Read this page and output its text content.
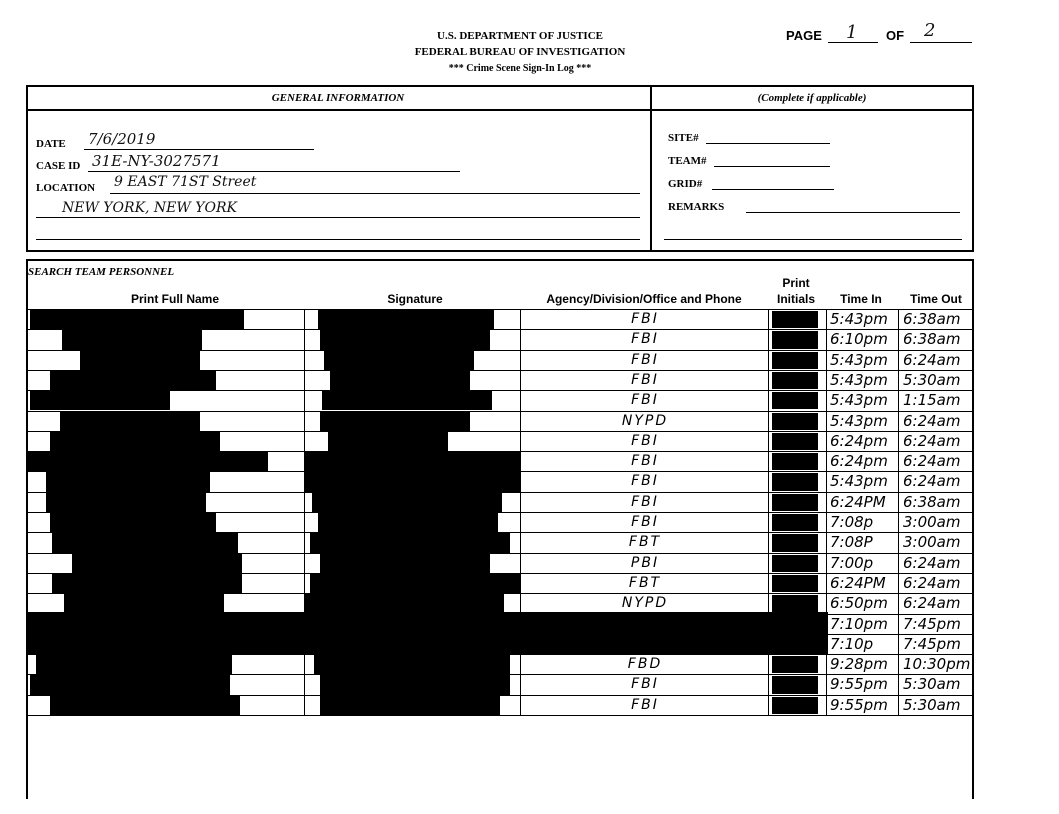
U.S. DEPARTMENT OF JUSTICE
FEDERAL BUREAU OF INVESTIGATION
*** Crime Scene Sign-In Log ***
PAGE 1 OF 2
GENERAL INFORMATION	(Complete if applicable)
DATE 7/6/2019
CASE ID 31E-NY-3027571
LOCATION 9 EAST 71ST Street
NEW YORK, NEW YORK
SITE#
TEAM#
GRID#
REMARKS
SEARCH TEAM PERSONNEL
Print Full Name	Signature	Agency/Division/Office and Phone
Print
Initials	Time In	Time Out
FBI	5:43pm 6:38am
FBI	6:10pm 6:38am
FBI	5:43pm 6:24am
FBI	5:43pm 5:30am
FBI	5:43pm 1:15am
NYPD	5:43pm 6:24am
FBI	6:24pm 6:24am
FBI	6:24pm 6:24am
FBI	5:43pm 6:24am
FBI	6:24PM 6:38am
FBI	7:08p 3:00am
FBT	7:08P 3:00am
PBI	7:00p 6:24am
FBT	6:24PM 6:24am
NYPD	6:50pm 6:24am
7:10pm 7:45pm
7:10p 7:45pm
FBD	9:28pm 10:30pm
FBI	9:55pm 5:30am
FBI	9:55pm 5:30am
